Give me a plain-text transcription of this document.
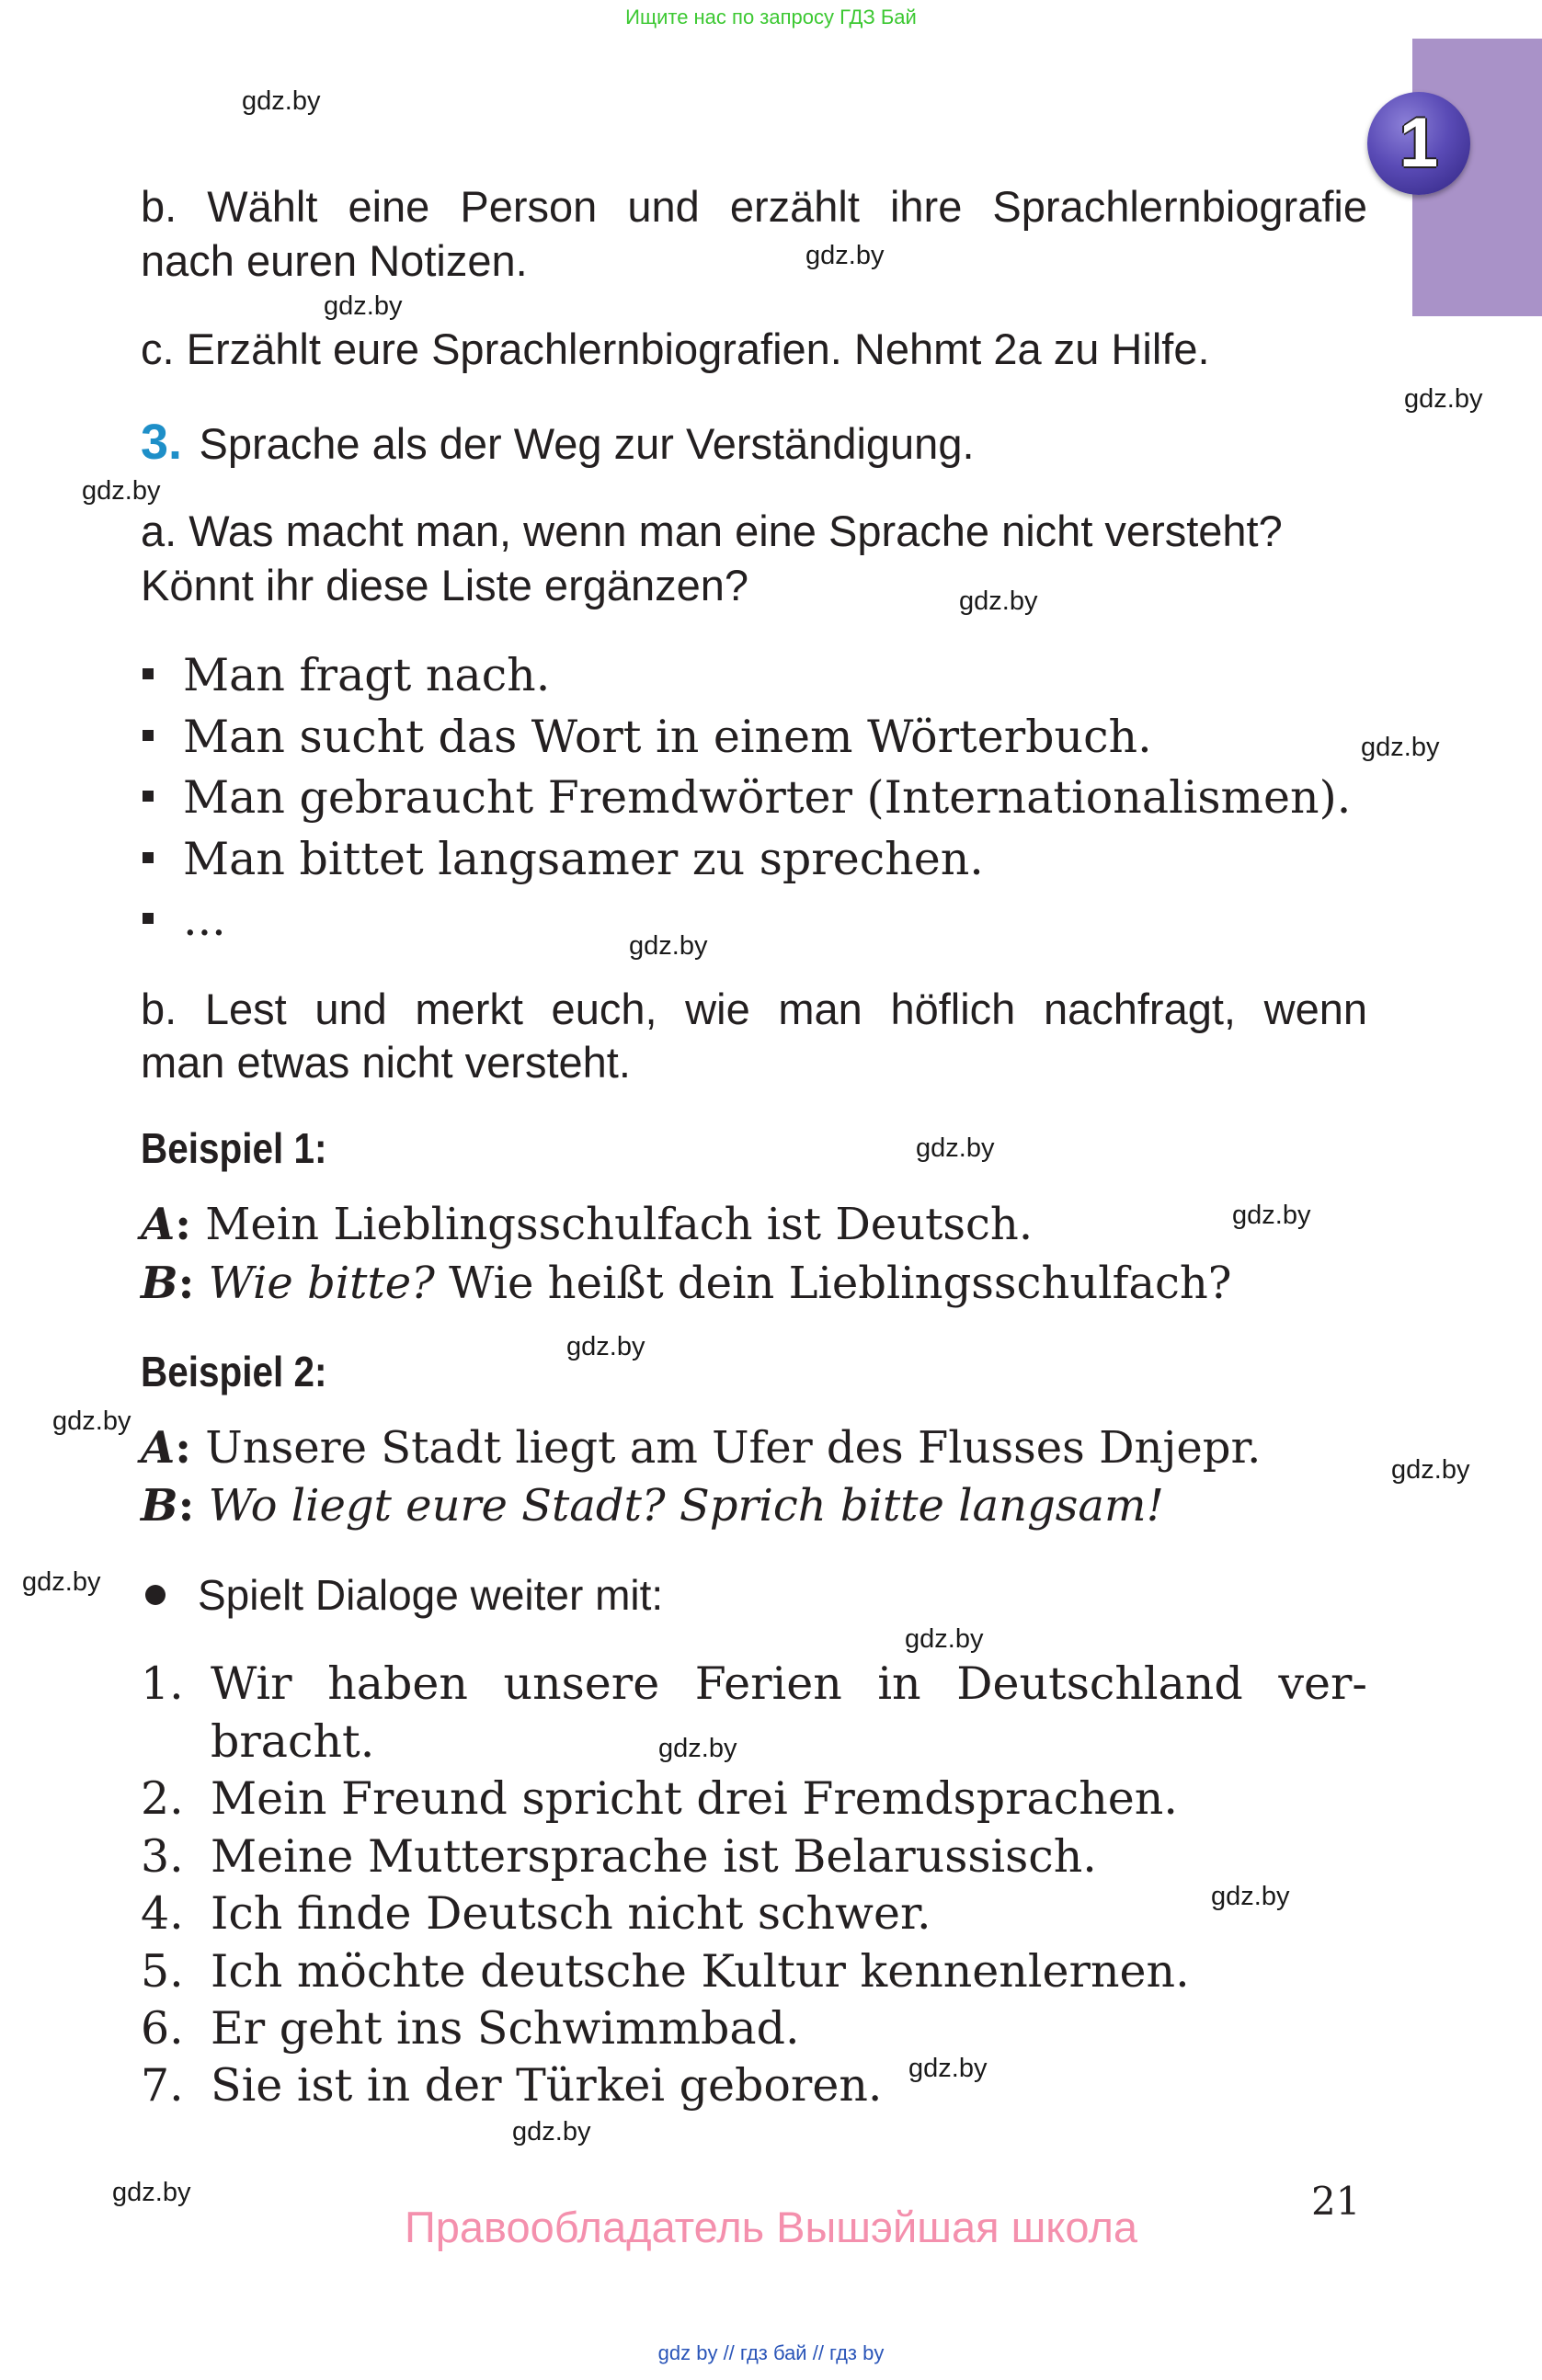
Ищите нас по запросу ГДЗ Бай
1
gdz.by
gdz.by
gdz.by
gdz.by
gdz.by
gdz.by
gdz.by
gdz.by
gdz.by
gdz.by
gdz.by
gdz.by
gdz.by
gdz.by
gdz.by
gdz.by
gdz.by
gdz.by
gdz.by
gdz.by
b. Wählt eine Person und erzählt ihre Sprachlernbiografie
nach euren Notizen.
c. Erzählt eure Sprachlernbiografien. Nehmt 2a zu Hilfe.
3. Sprache als der Weg zur Verständigung.
a. Was macht man, wenn man eine Sprache nicht versteht?
Könnt ihr diese Liste ergänzen?
Man fragt nach.
Man sucht das Wort in einem Wörterbuch.
Man gebraucht Fremdwörter (Internationalismen).
Man bittet langsamer zu sprechen.
...
b. Lest und merkt euch, wie man höflich nachfragt, wenn
man etwas nicht versteht.
Beispiel 1:
A: Mein Lieblingsschulfach ist Deutsch.
B: Wie bitte? Wie heißt dein Lieblingsschulfach?
Beispiel 2:
A: Unsere Stadt liegt am Ufer des Flusses Dnjepr.
B: Wo liegt eure Stadt? Sprich bitte langsam!
Spielt Dialoge weiter mit:
1. Wir haben unsere Ferien in Deutschland ver-
bracht.
2. Mein Freund spricht drei Fremdsprachen.
3. Meine Muttersprache ist Belarussisch.
4. Ich finde Deutsch nicht schwer.
5. Ich möchte deutsche Kultur kennenlernen.
6. Er geht ins Schwimmbad.
7. Sie ist in der Türkei geboren.
21
Правообладатель Вышэйшая школа
gdz by // гдз бай // гдз by
